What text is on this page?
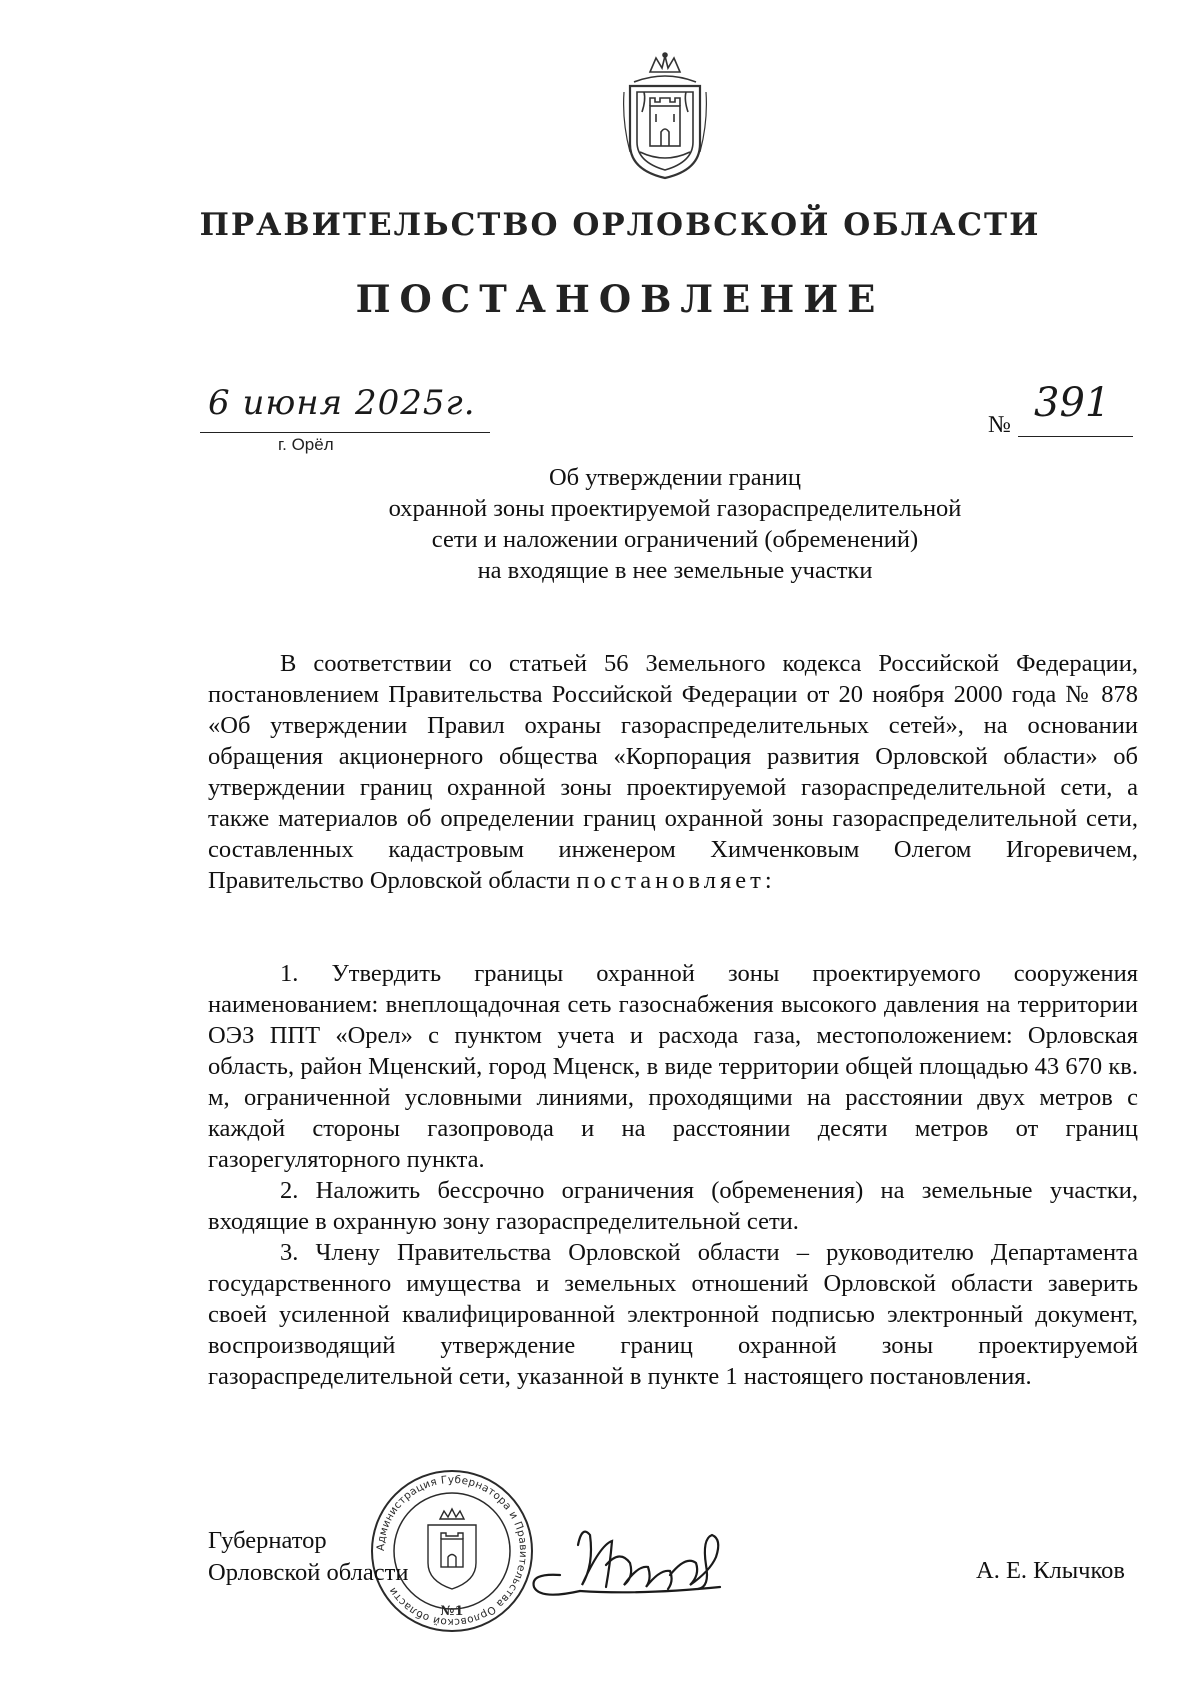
ПРАВИТЕЛЬСТВО ОРЛОВСКОЙ ОБЛАСТИ
ПОСТАНОВЛЕНИЕ
6 июня 2025г.
г. Орёл
№ 391
Об утверждении границ
охранной зоны проектируемой газораспределительной
сети и наложении ограничений (обременений)
на входящие в нее земельные участки

В соответствии со статьей 56 Земельного кодекса Российской Федерации, постановлением Правительства Российской Федерации от 20 ноября 2000 года № 878 «Об утверждении Правил охраны газораспределительных сетей», на основании обращения акционерного общества «Корпорация развития Орловской области» об утверждении границ охранной зоны проектируемой газораспределительной сети, а также материалов об определении границ охранной зоны газораспределительной сети, составленных кадастровым инженером Химченковым Олегом Игоревичем, Правительство Орловской области постановляет:

1. Утвердить границы охранной зоны проектируемого сооружения наименованием: внеплощадочная сеть газоснабжения высокого давления на территории ОЭЗ ППТ «Орел» с пунктом учета и расхода газа, местоположением: Орловская область, район Мценский, город Мценск, в виде территории общей площадью 43 670 кв. м, ограниченной условными линиями, проходящими на расстоянии двух метров с каждой стороны газопровода и на расстоянии десяти метров от границ газорегуляторного пункта.

2. Наложить бессрочно ограничения (обременения) на земельные участки, входящие в охранную зону газораспределительной сети.

3. Члену Правительства Орловской области – руководителю Департамента государственного имущества и земельных отношений Орловской области заверить своей усиленной квалифицированной электронной подписью электронный документ, воспроизводящий утверждение границ охранной зоны проектируемой газораспределительной сети, указанной в пункте 1 настоящего постановления.

Администрация Губернатора и Правительства Орловской области
№1
Губернатор
Орловской области	А. Е. Клычков
